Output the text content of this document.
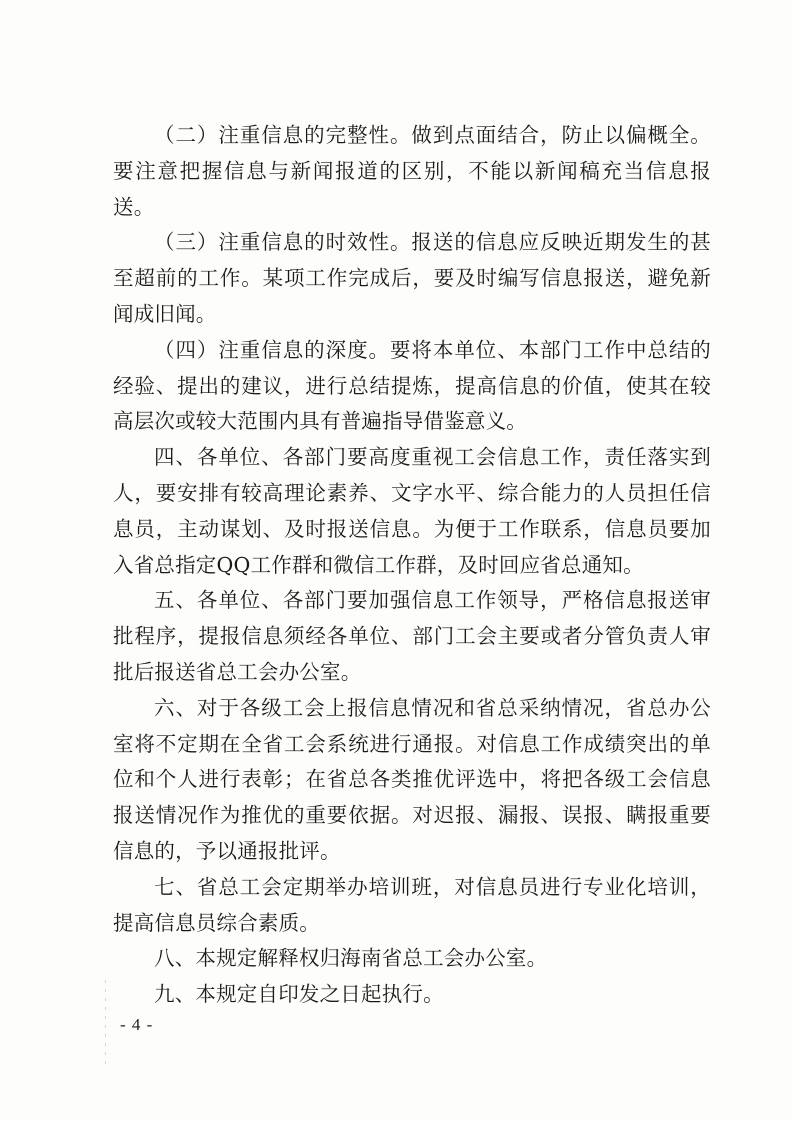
（二）注重信息的完整性。做到点面结合，防止以偏概全。要注意把握信息与新闻报道的区别，不能以新闻稿充当信息报送。

（三）注重信息的时效性。报送的信息应反映近期发生的甚至超前的工作。某项工作完成后，要及时编写信息报送，避免新闻成旧闻。

（四）注重信息的深度。要将本单位、本部门工作中总结的经验、提出的建议，进行总结提炼，提高信息的价值，使其在较高层次或较大范围内具有普遍指导借鉴意义。

四、各单位、各部门要高度重视工会信息工作，责任落实到人，要安排有较高理论素养、文字水平、综合能力的人员担任信息员，主动谋划、及时报送信息。为便于工作联系，信息员要加入省总指定QQ工作群和微信工作群，及时回应省总通知。

五、各单位、各部门要加强信息工作领导，严格信息报送审批程序，提报信息须经各单位、部门工会主要或者分管负责人审批后报送省总工会办公室。

六、对于各级工会上报信息情况和省总采纳情况，省总办公室将不定期在全省工会系统进行通报。对信息工作成绩突出的单位和个人进行表彰；在省总各类推优评选中，将把各级工会信息报送情况作为推优的重要依据。对迟报、漏报、误报、瞒报重要信息的，予以通报批评。

七、省总工会定期举办培训班，对信息员进行专业化培训，提高信息员综合素质。

八、本规定解释权归海南省总工会办公室。

九、本规定自印发之日起执行。

- 4 -
